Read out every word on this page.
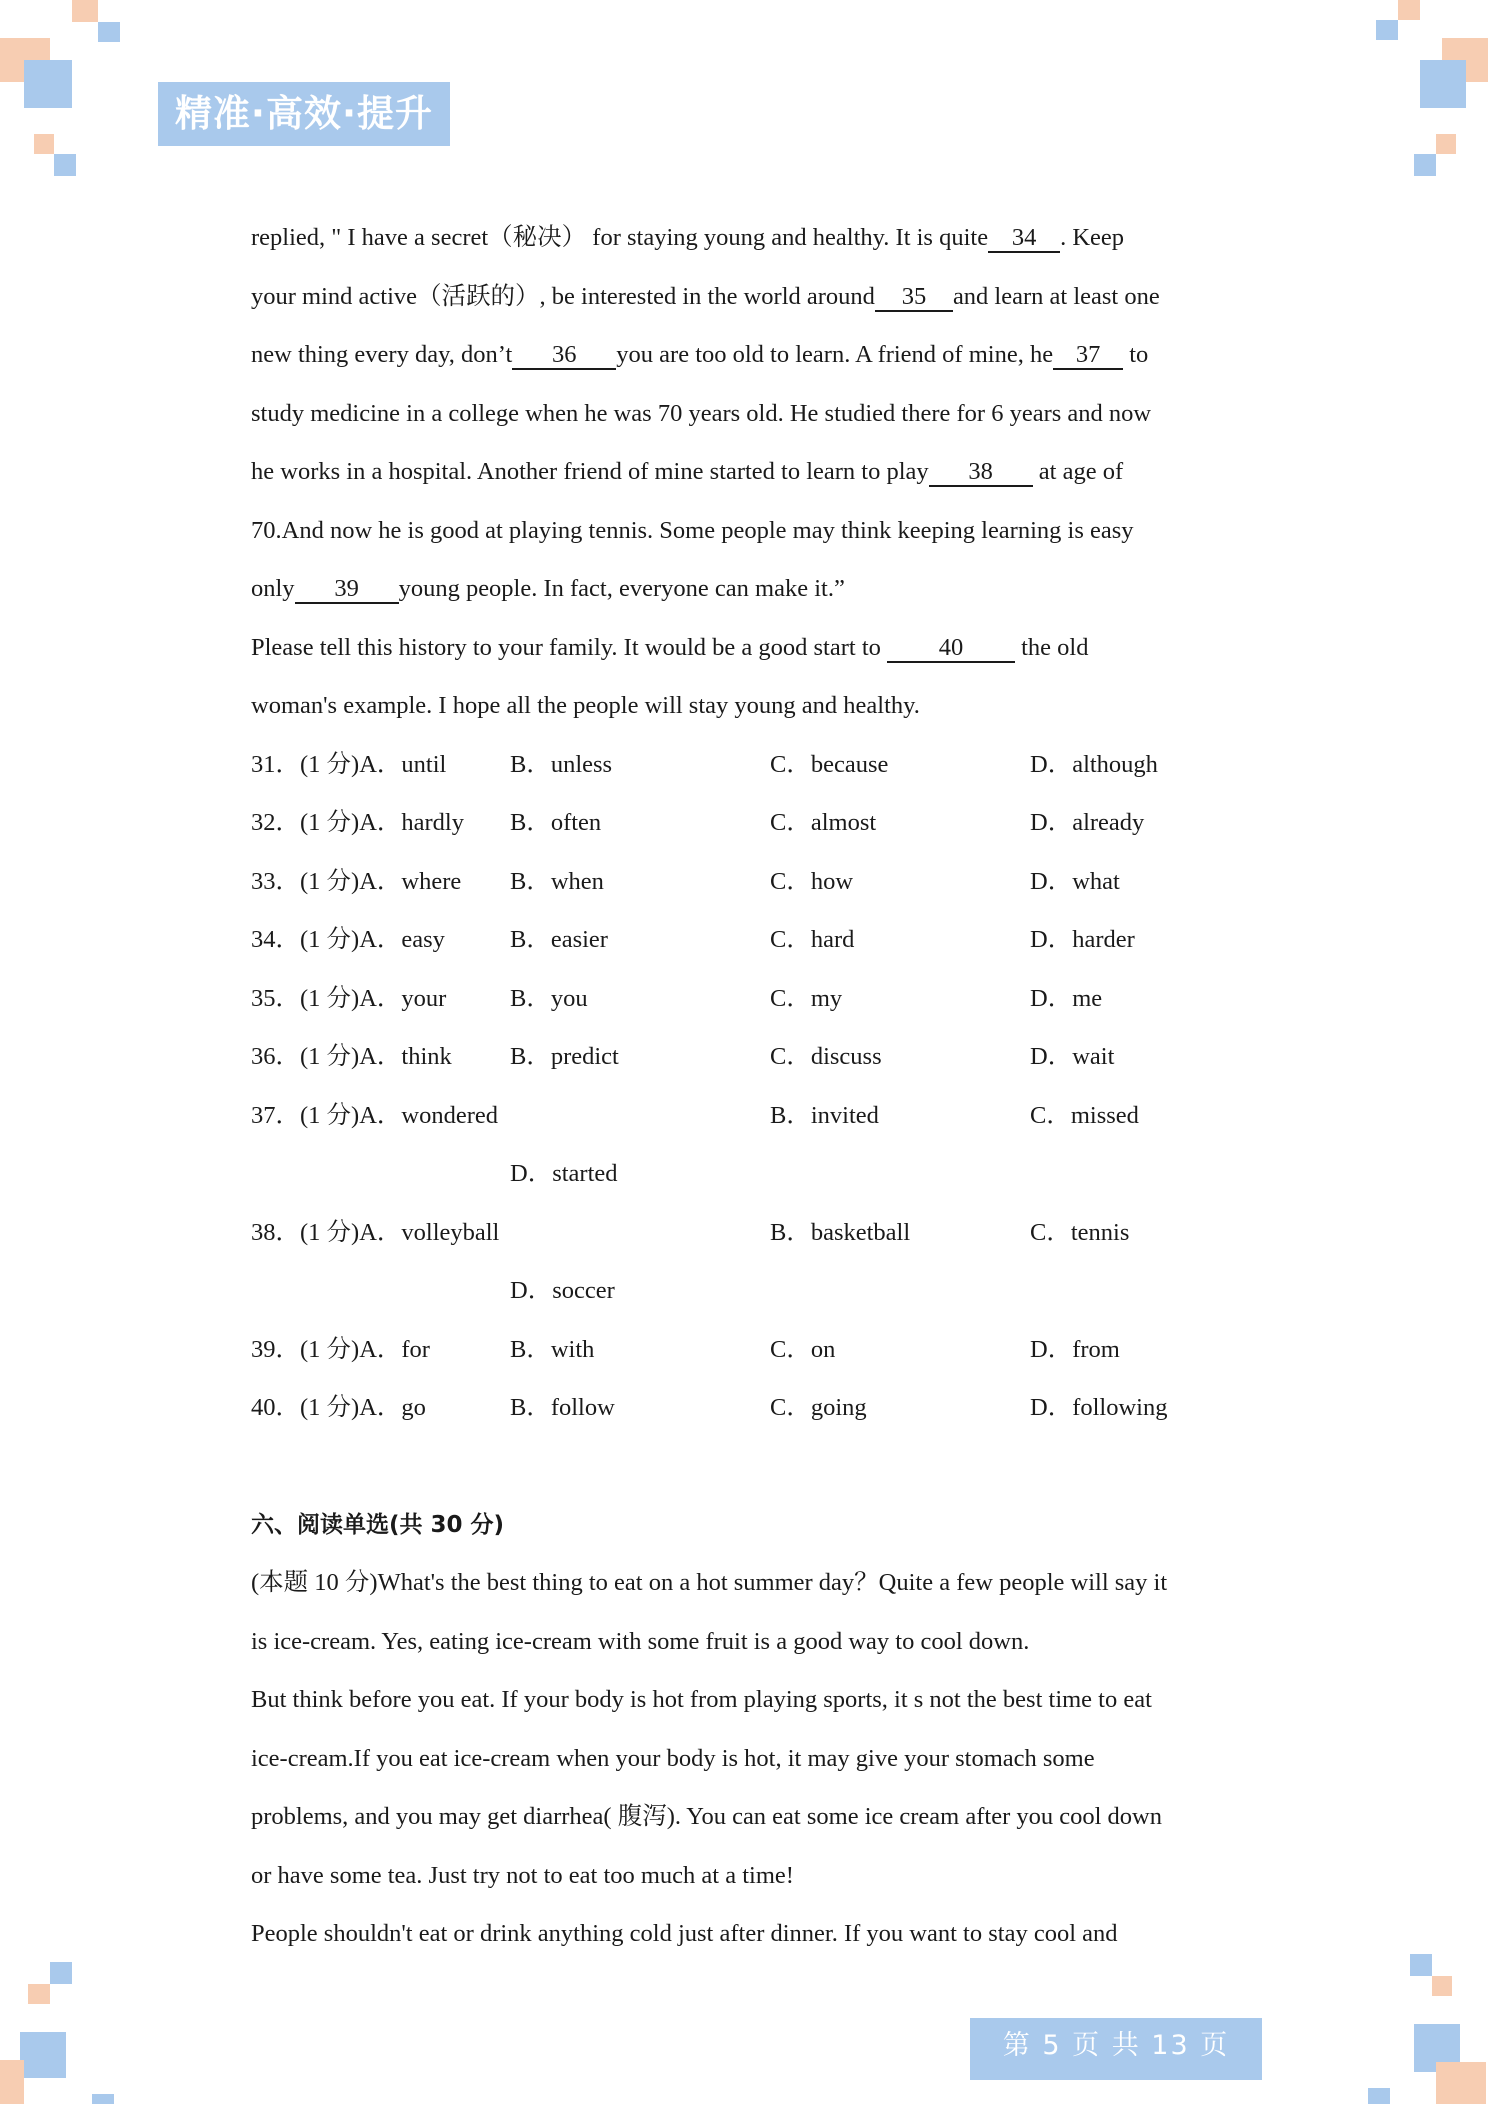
精准·高效·提升
replied, " I have a secret（秘决） for staying young and healthy. It is quite 34 . Keep
your mind active（活跃的）, be interested in the world around 35 and learn at least one
new thing every day, don’t 36 you are too old to learn. A friend of mine, he 37 to
study medicine in a college when he was 70 years old. He studied there for 6 years and now
he works in a hospital. Another friend of mine started to learn to play 38 at age of
70.And now he is good at playing tennis. Some people may think keeping learning is easy
only 39 young people. In fact, everyone can make it.”
Please tell this history to your family. It would be a good start to 40 the old
woman's example. I hope all the people will stay young and healthy.
31．(1 分)A．until	B．unless	C．because	D．although
32．(1 分)A．hardly B．often	C．almost	D．already
33．(1 分)A．where B．when	C．how	D．what
34．(1 分)A．easy	B．easier	C．hard	D．harder
35．(1 分)A．your	B．you	C．my	D．me
36．(1 分)A．think B．predict	C．discuss	D．wait
37．(1 分)A．wondered	B．invited	C．missed
D．started
38．(1 分)A．volleyball	B．basketball	C．tennis
D．soccer
39．(1 分)A．for	B．with	C．on	D．from
40．(1 分)A．go	B．follow	C．going	D．following
六、阅读单选(共 30 分)
(本题 10 分)What's the best thing to eat on a hot summer day？Quite a few people will say it
is ice-cream. Yes, eating ice-cream with some fruit is a good way to cool down.
But think before you eat. If your body is hot from playing sports, it s not the best time to eat
ice-cream.If you eat ice-cream when your body is hot, it may give your stomach some
problems, and you may get diarrhea( 腹泻). You can eat some ice cream after you cool down
or have some tea. Just try not to eat too much at a time!
People shouldn't eat or drink anything cold just after dinner. If you want to stay cool and
第 5 页 共 13 页
